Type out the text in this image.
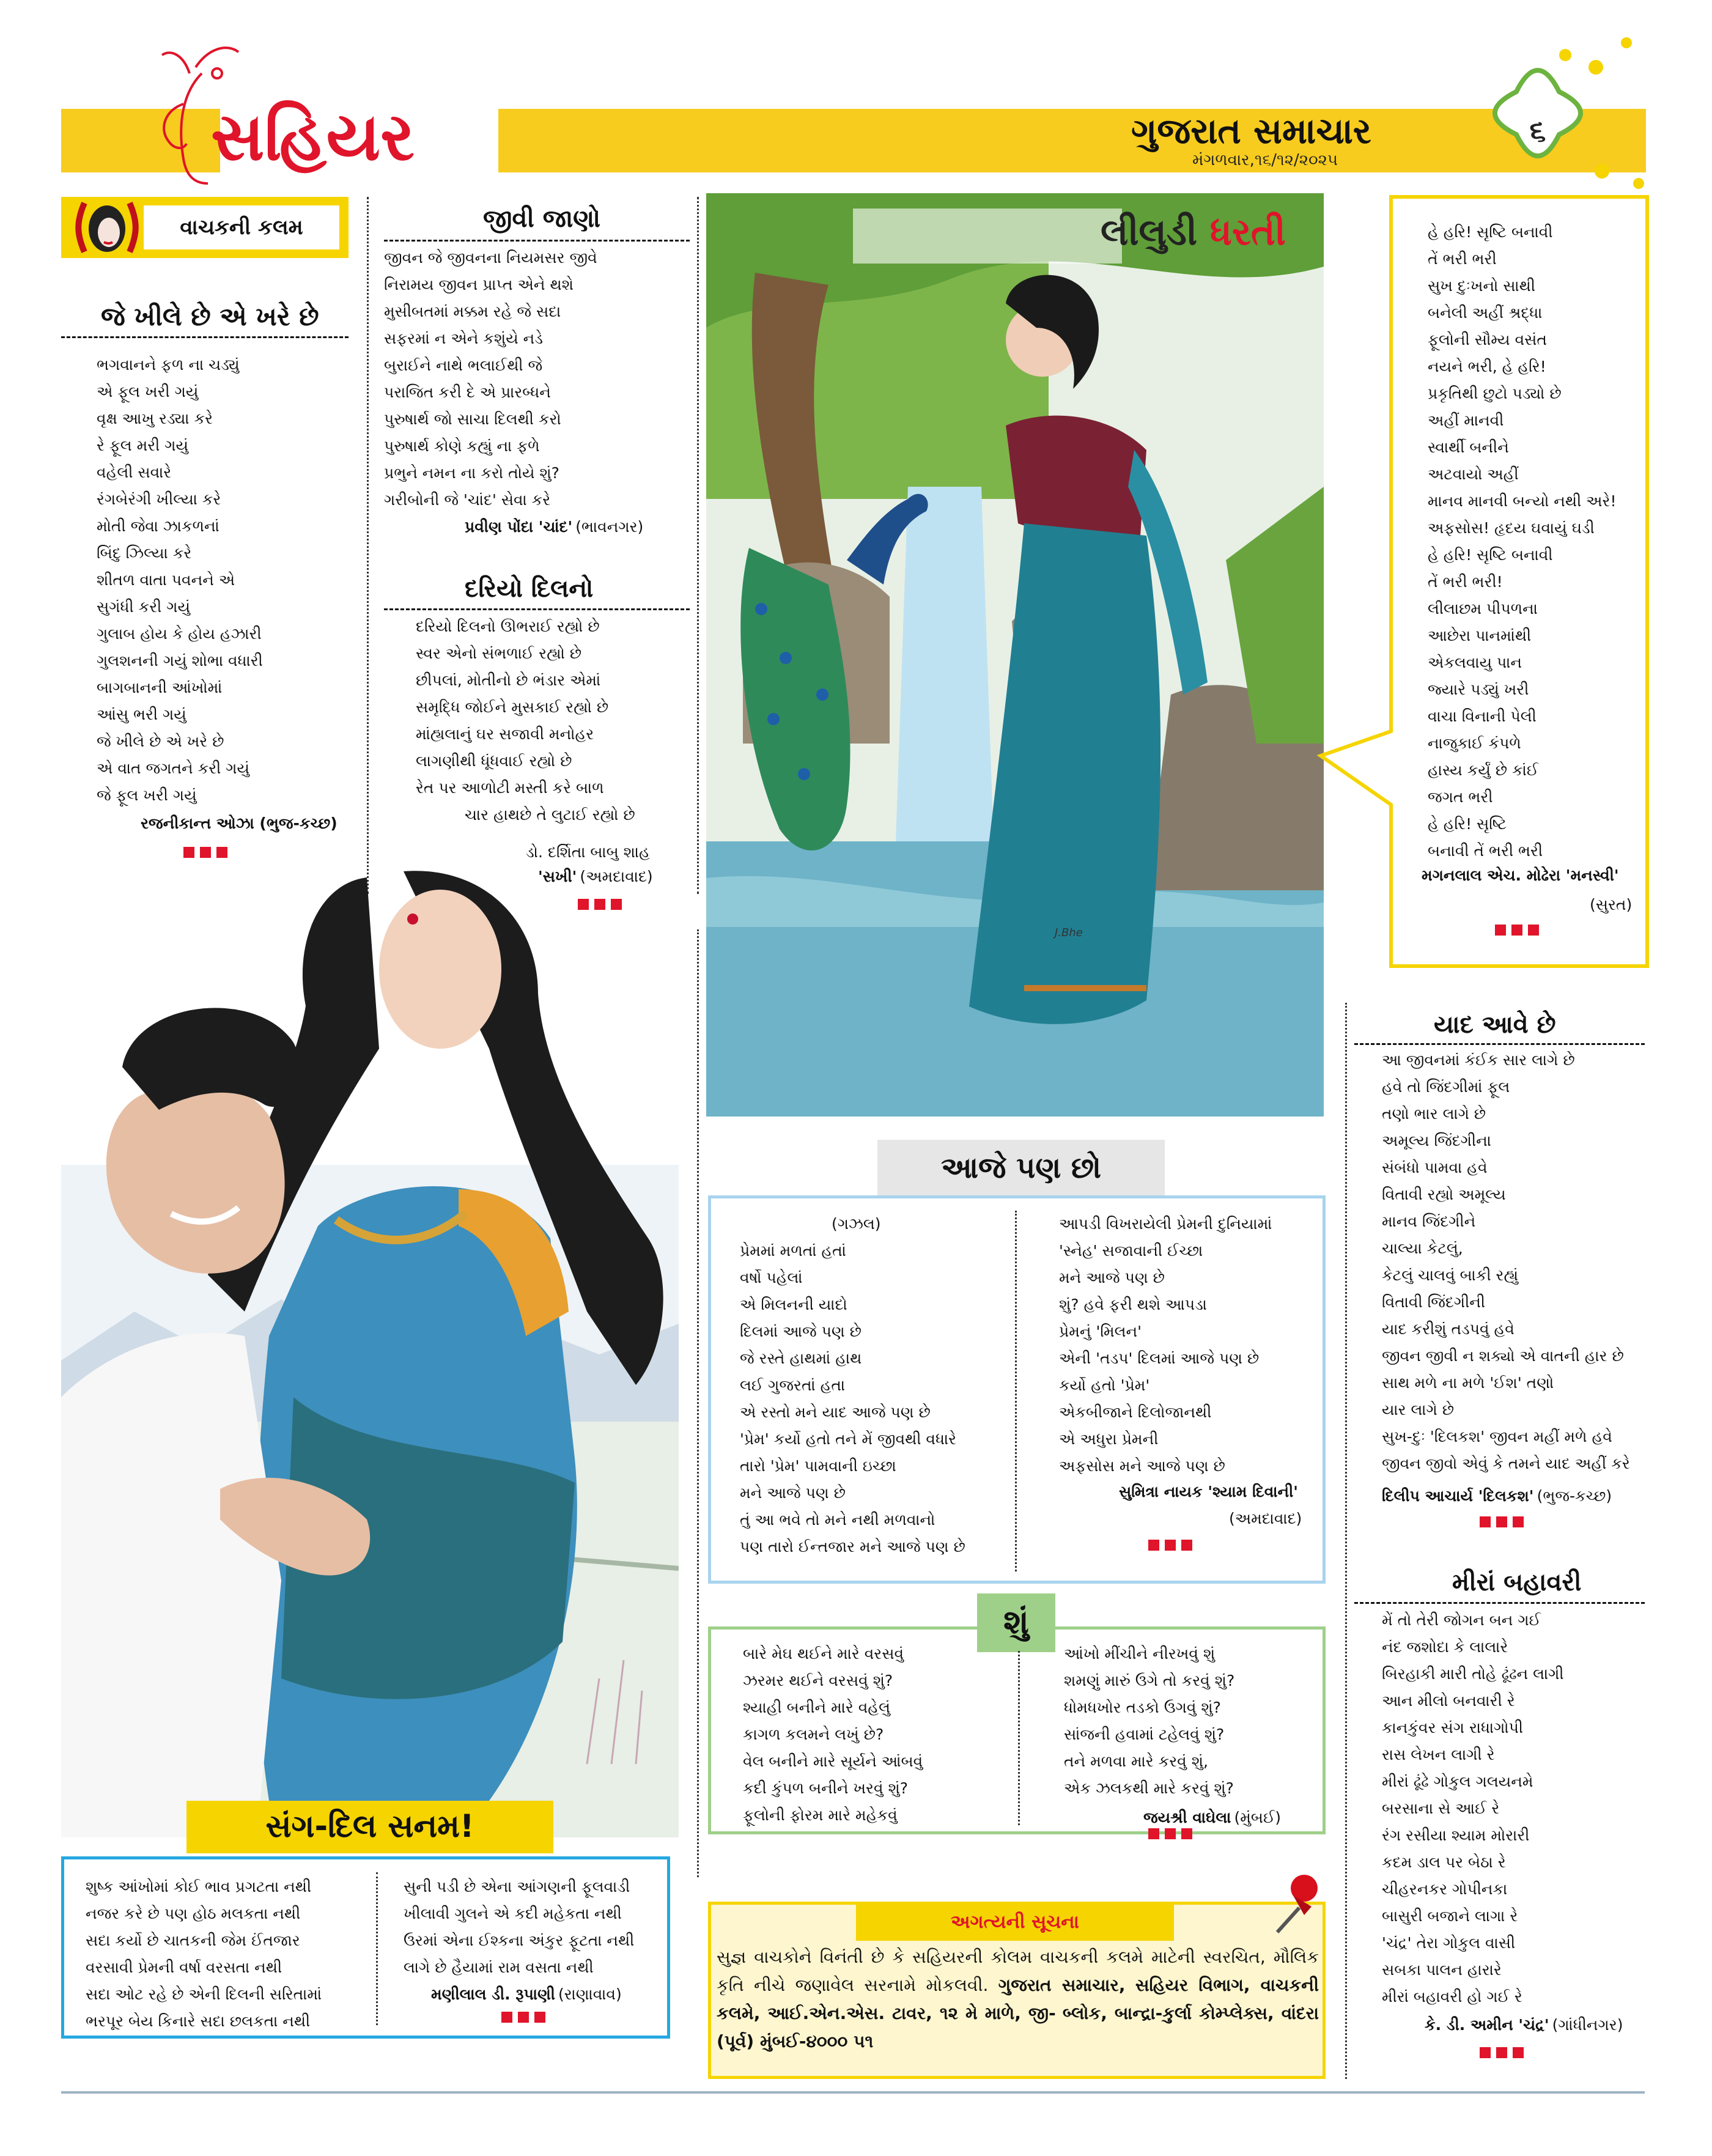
સહિયર	ગુજરાત સમાચાર
મંગળવાર,૧૬/૧૨/૨૦૨૫
૬
વાચકની કલમ
જે ખીલે છે એ ખરે છે
ભગવાનને ફળ ના ચડ્યું
એ ફૂલ ખરી ગયું
વૃક્ષ આખુ રડ્યા કરે
રે ફૂલ મરી ગયું
વહેલી સવારે
રંગબેરંગી ખીલ્યા કરે
મોતી જેવા ઝાકળનાં
બિંદુ ઝિલ્યા કરે
શીતળ વાતા પવનને એ
સુગંધી કરી ગયું
ગુલાબ હોય કે હોય હઝારી
ગુલશનની ગયું શોભા વધારી
બાગબાનની આંખોમાં
આંસુ ભરી ગયું
જે ખીલે છે એ ખરે છે
એ વાત જગતને કરી ગયું
જે ફૂલ ખરી ગયું
રજનીકાન્ત ઓઝા (ભુજ-કચ્છ)
જીવી જાણો
જીવન જે જીવનના નિયમસર જીવે
નિરામય જીવન પ્રાપ્ત એને થશે
મુસીબતમાં મક્કમ રહે જે સદા
સફરમાં ન એને કશુંયે નડે
બુરાઈને નાથે ભલાઈથી જે
પરાજિત કરી દે એ પ્રારબ્ધને
પુરુષાર્થ જો સાચા દિલથી કરો
પુરુષાર્થ કોણે કહ્યું ના ફળે
પ્રભુને નમન ના કરો તોયે શું?
ગરીબોની જે 'ચાંદ' સેવા કરે
પ્રવીણ પોંદા 'ચાંદ' (ભાવનગર)
દરિયો દિલનો
દરિયો દિલનો ઊભરાઈ રહ્યો છે
સ્વર એનો સંભળાઈ રહ્યો છે
છીપલાં, મોતીનો છે ભંડાર એમાં
સમૃદ્ધિ જોઈને મુસકાઈ રહ્યો છે
માંહ્યલાનું ઘર સજાવી મનોહર
લાગણીથી ધૂંધવાઈ રહ્યો છે
રેત પર આળોટી મસ્તી કરે બાળ
ચાર હાથછે તે લુટાઈ રહ્યો છે
ડો. દર્શિતા બાબુ શાહ
'સખી' (અમદાવાદ)
સંગ-દિલ સનમ!
શુષ્ક આંખોમાં કોઈ ભાવ પ્રગટતા નથી
નજર કરે છે પણ હોઠ મલકતા નથી
સદા કર્યો છે ચાતકની જેમ ઈંતજાર
વરસાવી પ્રેમની વર્ષા વરસતા નથી
સદા ઓટ રહે છે એની દિલની સરિતામાં
ભરપૂર બેય કિનારે સદા છલકતા નથી
સુની પડી છે એના આંગણની ફૂલવાડી
ખીલાવી ગુલને એ કદી મહેકતા નથી
ઉરમાં એના ઈશ્કના અંકુર ફૂટતા નથી
લાગે છે હૈયામાં રામ વસતા નથી
મણીલાલ ડી. રૂપાણી (રાણાવાવ)
લીલુડી ધરતી
J.Bhe
હે હરિ! સૃષ્ટિ બનાવી
તેં ભરી ભરી
સુખ દુઃખનો સાથી
બનેલી અહીં શ્રદ્ધા
ફૂલોની સૌમ્ય વસંત
નયને ભરી, હે હરિ!
પ્રકૃતિથી છુટો પડ્યો છે
અહીં માનવી
સ્વાર્થી બનીને
અટવાયો અહીં
માનવ માનવી બન્યો નથી અરે!
અફસોસ! હૃદય ઘવાયું ઘડી
હે હરિ! સૃષ્ટિ બનાવી
તેં ભરી ભરી!
લીલાછમ પીપળના
આછેરા પાનમાંથી
એકલવાયુ પાન
જ્યારે પડ્યું ખરી
વાચા વિનાની પેલી
નાજુકાઈ કંપળે
હાસ્ય કર્યું છે કાંઈ
જગત ભરી
હે હરિ! સૃષ્ટિ
બનાવી તેં ભરી ભરી
મગનલાલ એચ. મોઢેરા 'મનસ્વી'
(સુરત)
યાદ આવે છે
આ જીવનમાં કંઈક સાર લાગે છે
હવે તો જિંદગીમાં ફૂલ
તણો ભાર લાગે છે
અમૂલ્ય જિંદગીના
સંબંધો પામવા હવે
વિતાવી રહ્યો અમૂલ્ય
માનવ જિંદગીને
ચાલ્યા કેટલું,
કેટલું ચાલવું બાકી રહ્યું
વિતાવી જિંદગીની
યાદ કરીશું તડપવું હવે
જીવન જીવી ન શક્યો એ વાતની હાર છે
સાથ મળે ના મળે 'ઈશ' તણો
યાર લાગે છે
સુખ-દુઃ 'દિલકશ' જીવન મહીં મળે હવે
જીવન જીવો એવું કે તમને યાદ અહીં કરે
દિલીપ આચાર્ય 'દિલકશ' (ભુજ-કચ્છ)
મીરાં બહાવરી
મેં તો તેરી જોગન બન ગઈ
નંદ જશોદા કે લાલારે
બિરહાકી મારી તોહે ઢૂંઢન લાગી
આન મીલો બનવારી રે
કાનકુંવર સંગ રાધાગોપી
રાસ લેખન લાગી રે
મીરાં ઢૂંઢે ગોકુલ ગલયનમે
બરસાના સે આઈ રે
રંગ રસીયા શ્યામ મોરારી
કદમ ડાલ પર બેઠા રે
ચીહરનકર ગોપીનકા
બાસુરી બજાને લાગા રે
'ચંદ્ર' તેરા ગોકુલ વાસી
સબકા પાલન હારારે
મીરાં બહાવરી હો ગઈ રે
કે. ડી. અમીન 'ચંદ્ર' (ગાંધીનગર)
આજે પણ છો
(ગઝલ)
પ્રેમમાં મળતાં હતાં
વર્ષો પહેલાં
એ મિલનની યાદો
દિલમાં આજે પણ છે
જે રસ્તે હાથમાં હાથ
લઈ ગુજરતાં હતા
એ રસ્તો મને યાદ આજે પણ છે
'પ્રેમ' કર્યો હતો તને મેં જીવથી વધારે
તારો 'પ્રેમ' પામવાની ઇચ્છા
મને આજે પણ છે
તું આ ભવે તો મને નથી મળવાનો
પણ તારો ઈન્તજાર મને આજે પણ છે
આપડી વિખરાયેલી પ્રેમની દુનિયામાં
'સ્નેહ' સજાવાની ઈચ્છા
મને આજે પણ છે
શું? હવે ફરી થશે આપડા
પ્રેમનું 'મિલન'
એની 'તડપ' દિલમાં આજે પણ છે
કર્યો હતો 'પ્રેમ'
એકબીજાને દિલોજાનથી
એ અધુરા પ્રેમની
અફસોસ મને આજે પણ છે
સુમિત્રા નાયક 'શ્યામ દિવાની'
(અમદાવાદ)
શું
બારે મેઘ થઈને મારે વરસવું
ઝરમર થઈને વરસવું શું?
શ્યાહી બનીને મારે વહેલું
કાગળ કલમને લખું છે?
વેલ બનીને મારે સૂર્યને આંબવું
કદી કુંપળ બનીને ખરવું શું?
ફૂલોની ફોરમ મારે મહેકવું
આંખો મીંચીને નીરખવું શું
શમણું મારું ઉગે તો કરવું શું?
ધોમધખોર તડકો ઉગવું શું?
સાંજની હવામાં ટહેલવું શું?
તને મળવા મારે કરવું શું,
એક ઝલકથી મારે કરવું શું?
જયશ્રી વાઘેલા (મુંબઈ)
અગત્યની સૂચના
સુજ્ઞ વાચકોને વિનંતી છે કે સહિયરની કોલમ વાચકની કલમે માટેની સ્વરચિત, મૌલિક કૃતિ નીચે જણાવેલ સરનામે મોકલવી. ગુજરાત સમાચાર, સહિયર વિભાગ, વાચકની કલમે, આઈ.એન.એસ. ટાવર, ૧૨ મે માળે, જી- બ્લોક, બાન્દ્રા-કુર્લા કોમ્પ્લેક્સ, વાંદરા (પૂર્વ) મુંબઈ-૪૦૦૦ ૫૧
